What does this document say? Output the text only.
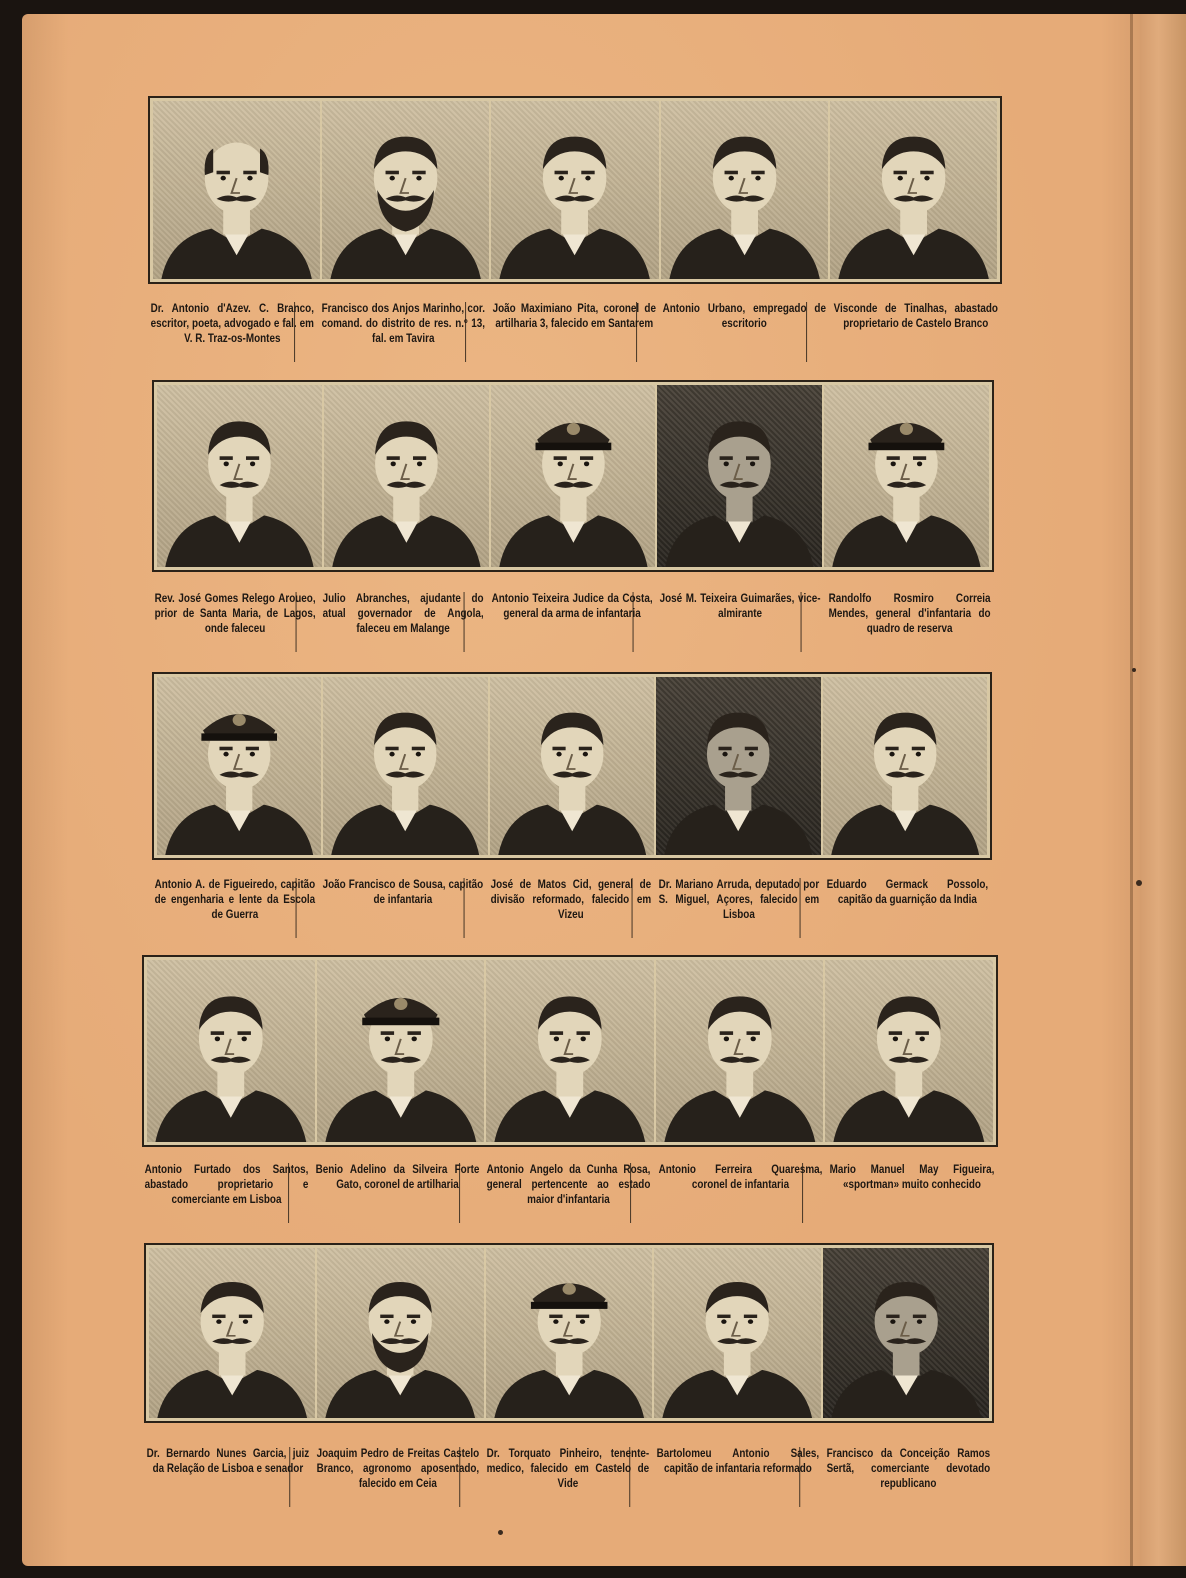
Dr. Antonio d'Azev. C. Branco, escritor, poeta, advogado e fal. em V. R. Traz-os-Montes
Francisco dos Anjos Marinho, cor. comand. do distrito de res. n.º 13, fal. em Tavira
João Maximiano Pita, coronel de artilharia 3, falecido em Santarem
Antonio Urbano, empregado de escritorio
Visconde de Tinalhas, abastado proprietario de Castelo Branco
Rev. José Gomes Relego Aroueo, prior de Santa Maria, de Lagos, onde faleceu
Julio Abranches, ajudante do atual governador de Angola, faleceu em Malange
Antonio Teixeira Judice da Costa, general da arma de infantaria
José M. Teixeira Guimarães, vice-almirante
Randolfo Rosmiro Correia Mendes, general d'infantaria do quadro de reserva
Antonio A. de Figueiredo, capitão de engenharia e lente da Escola de Guerra
João Francisco de Sousa, capitão de infantaria
José de Matos Cid, general de divisão reformado, falecido em Vizeu
Dr. Mariano Arruda, deputado por S. Miguel, Açores, falecido em Lisboa
Eduardo Germack Possolo, capitão da guarnição da India
Antonio Furtado dos Santos, abastado proprietario e comerciante em Lisboa
Benio Adelino da Silveira Forte Gato, coronel de artilharia
Antonio Angelo da Cunha Rosa, general pertencente ao estado maior d'infantaria
Antonio Ferreira Quaresma, coronel de infantaria
Mario Manuel May Figueira, «sportman» muito conhecido
Dr. Bernardo Nunes Garcia, juiz da Relação de Lisboa e senador
Joaquim Pedro de Freitas Castelo Branco, agronomo aposentado, falecido em Ceia
Dr. Torquato Pinheiro, tenente-medico, falecido em Castelo de Vide
Bartolomeu Antonio Sales, capitão de infantaria reformado
Francisco da Conceição Ramos Sertã, comerciante devotado republicano
